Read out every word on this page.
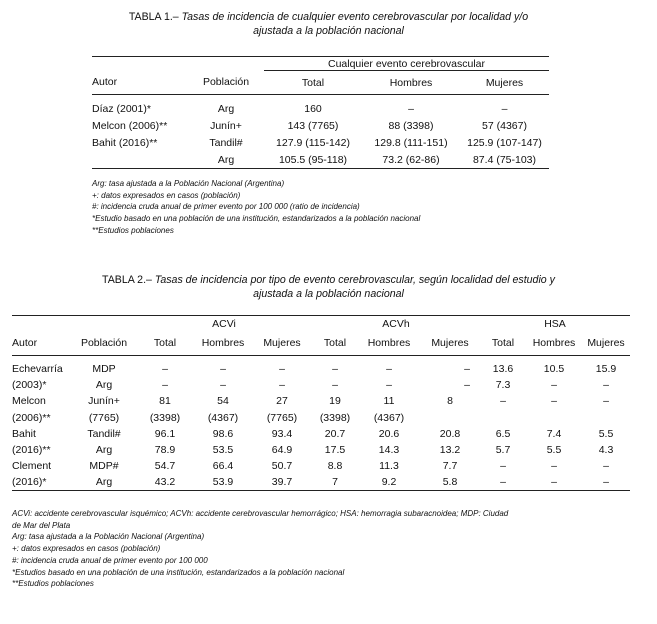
TABLA 1.– Tasas de incidencia de cualquier evento cerebrovascular por localidad y/o
ajustada a la población nacional
		Cualquier evento cerebrovascular		
Autor	Población	Total	Hombres	Mujeres

Díaz (2001)*	Arg	160	–	–
Melcon (2006)**	Junín+	143 (7765)	88 (3398)	57 (4367)
Bahit (2016)**	Tandil#	127.9 (115-142)	129.8 (111-151)	125.9 (107-147)
	Arg	105.5 (95-118)	73.2 (62-86)	87.4 (75-103)
Arg: tasa ajustada a la Población Nacional (Argentina)
+: datos expresados en casos (población)
#: incidencia cruda anual de primer evento por 100 000 (ratio de incidencia)
*Estudio basado en una población de una institución, estandarizados a la población nacional
**Estudios poblaciones
TABLA 2.– Tasas de incidencia por tipo de evento cerebrovascular, según localidad del estudio y
ajustada a la población nacional
		ACVi			ACVh			HSA		
Autor	Población	Total	Hombres	Mujeres	Total	Hombres	Mujeres	Total	Hombres	Mujeres

Echevarría	MDP	–	–	–	–	–	–	13.6	10.5	15.9
(2003)*	Arg	–	–	–	–	–	–	7.3	–	–
Melcon	Junín+	81	54	27	19	11	8	–	–	–
(2006)**	(7765)	(3398)	(4367)	(7765)	(3398)	(4367)				
Bahit	Tandil#	96.1	98.6	93.4	20.7	20.6	20.8	6.5	7.4	5.5
(2016)**	Arg	78.9	53.5	64.9	17.5	14.3	13.2	5.7	5.5	4.3
Clement	MDP#	54.7	66.4	50.7	8.8	11.3	7.7	–	–	–
(2016)*	Arg	43.2	53.9	39.7	7	9.2	5.8	–	–	–
ACVi: accidente cerebrovascular isquémico; ACVh: accidente cerebrovascular hemorrágico; HSA: hemorragia subaracnoidea; MDP: Ciudad
de Mar del Plata
Arg: tasa ajustada a la Población Nacional (Argentina)
+: datos expresados en casos (población)
#: incidencia cruda anual de primer evento por 100 000
*Estudios basado en una población de una institución, estandarizados a la población nacional
**Estudios poblaciones
